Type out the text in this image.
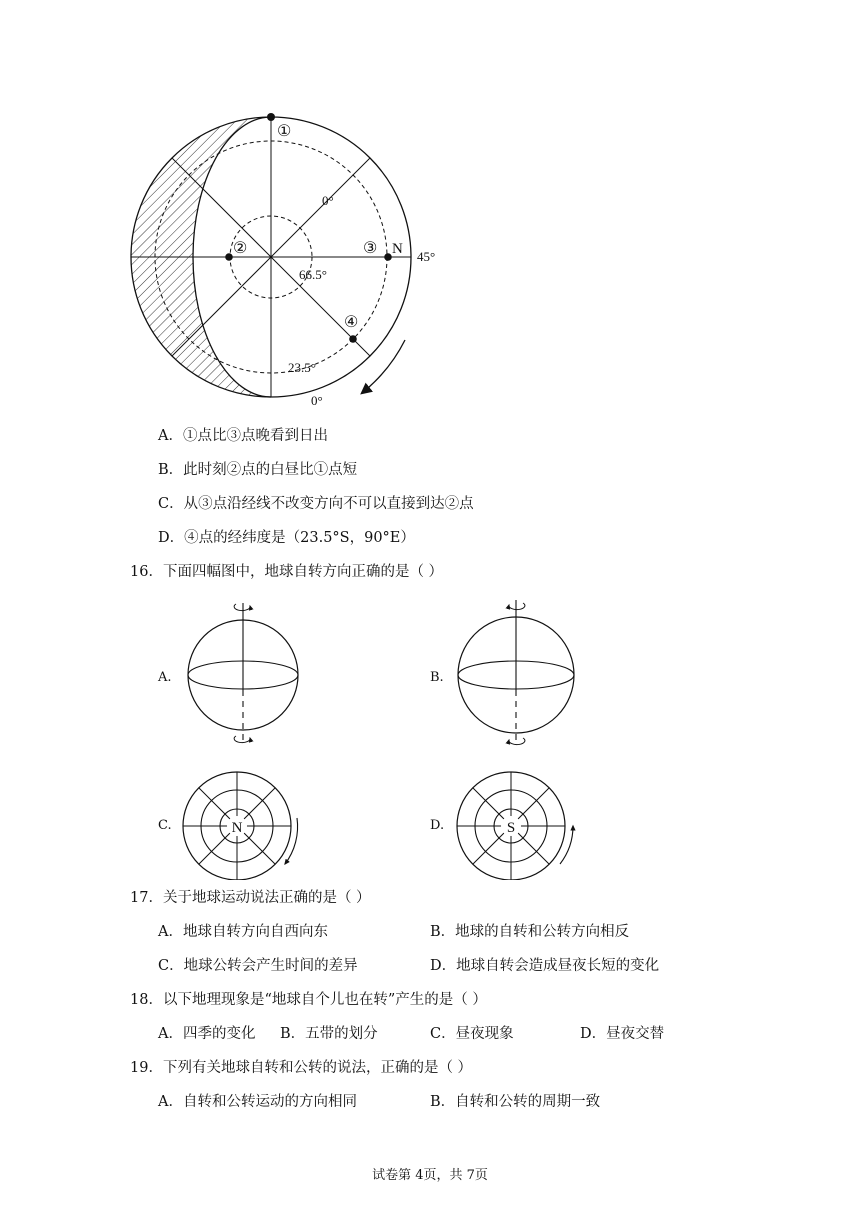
①
②	③
④
N
0°
66.5°
23.5°
45°
0°
A．①点比③点晚看到日出
B．此时刻②点的白昼比①点短
C．从③点沿经线不改变方向不可以直接到达②点
D．④点的经纬度是（23.5°S，90°E）
16．下面四幅图中，地球自转方向正确的是（ ）
A.	B.
C.	D.
N	S
17．关于地球运动说法正确的是（ ）
A．地球自转方向自西向东	B．地球的自转和公转方向相反
C．地球公转会产生时间的差异	D．地球自转会造成昼夜长短的变化
18．以下地理现象是“地球自个儿也在转”产生的是（ ）
A．四季的变化 B．五带的划分	C．昼夜现象	D．昼夜交替
19．下列有关地球自转和公转的说法，正确的是（ ）
A．自转和公转运动的方向相同	B．自转和公转的周期一致
试卷第 4页，共 7页
